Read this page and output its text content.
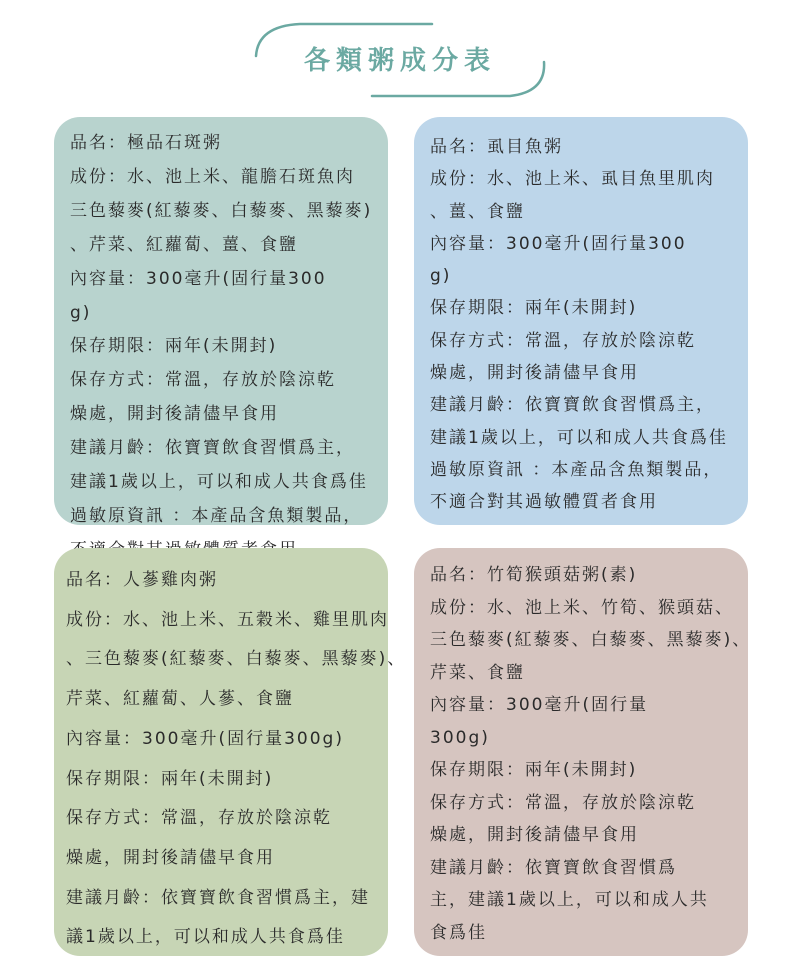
各類粥成分表
品名：極品石斑粥
成份：水、池上米、龍膽石斑魚肉
三色藜麥(紅藜麥、白藜麥、黑藜麥)
、芹菜、紅蘿蔔、薑、食鹽
內容量：300毫升(固行量300
g)
保存期限：兩年(未開封)
保存方式：常溫，存放於陰涼乾
燥處，開封後請儘早食用
建議月齡：依寶寶飲食習慣爲主，
建議1歲以上，可以和成人共食爲佳
過敏原資訊 ：本產品含魚類製品，
品名：虱目魚粥
成份：水、池上米、虱目魚里肌肉
、薑、食鹽
內容量：300毫升(固行量300
g)
保存期限：兩年(未開封)
保存方式：常溫，存放於陰涼乾
燥處，開封後請儘早食用
建議月齡：依寶寶飲食習慣爲主，
建議1歲以上，可以和成人共食爲佳
過敏原資訊 ：本產品含魚類製品，
不適合對其過敏體質者食用
品名：人蔘雞肉粥
成份：水、池上米、五穀米、雞里肌肉
、三色藜麥(紅藜麥、白藜麥、黑藜麥)、
芹菜、紅蘿蔔、人蔘、食鹽
內容量：300毫升(固行量300g)
保存期限：兩年(未開封)
保存方式：常溫，存放於陰涼乾
燥處，開封後請儘早食用
建議月齡：依寶寶飲食習慣爲主，建
議1歲以上，可以和成人共食爲佳
品名：竹筍猴頭菇粥(素)
成份：水、池上米、竹筍、猴頭菇、
三色藜麥(紅藜麥、白藜麥、黑藜麥)、
芹菜、食鹽
內容量：300毫升(固行量
300g)
保存期限：兩年(未開封)
保存方式：常溫，存放於陰涼乾
燥處，開封後請儘早食用
建議月齡：依寶寶飲食習慣爲
主，建議1歲以上，可以和成人共
食爲佳
